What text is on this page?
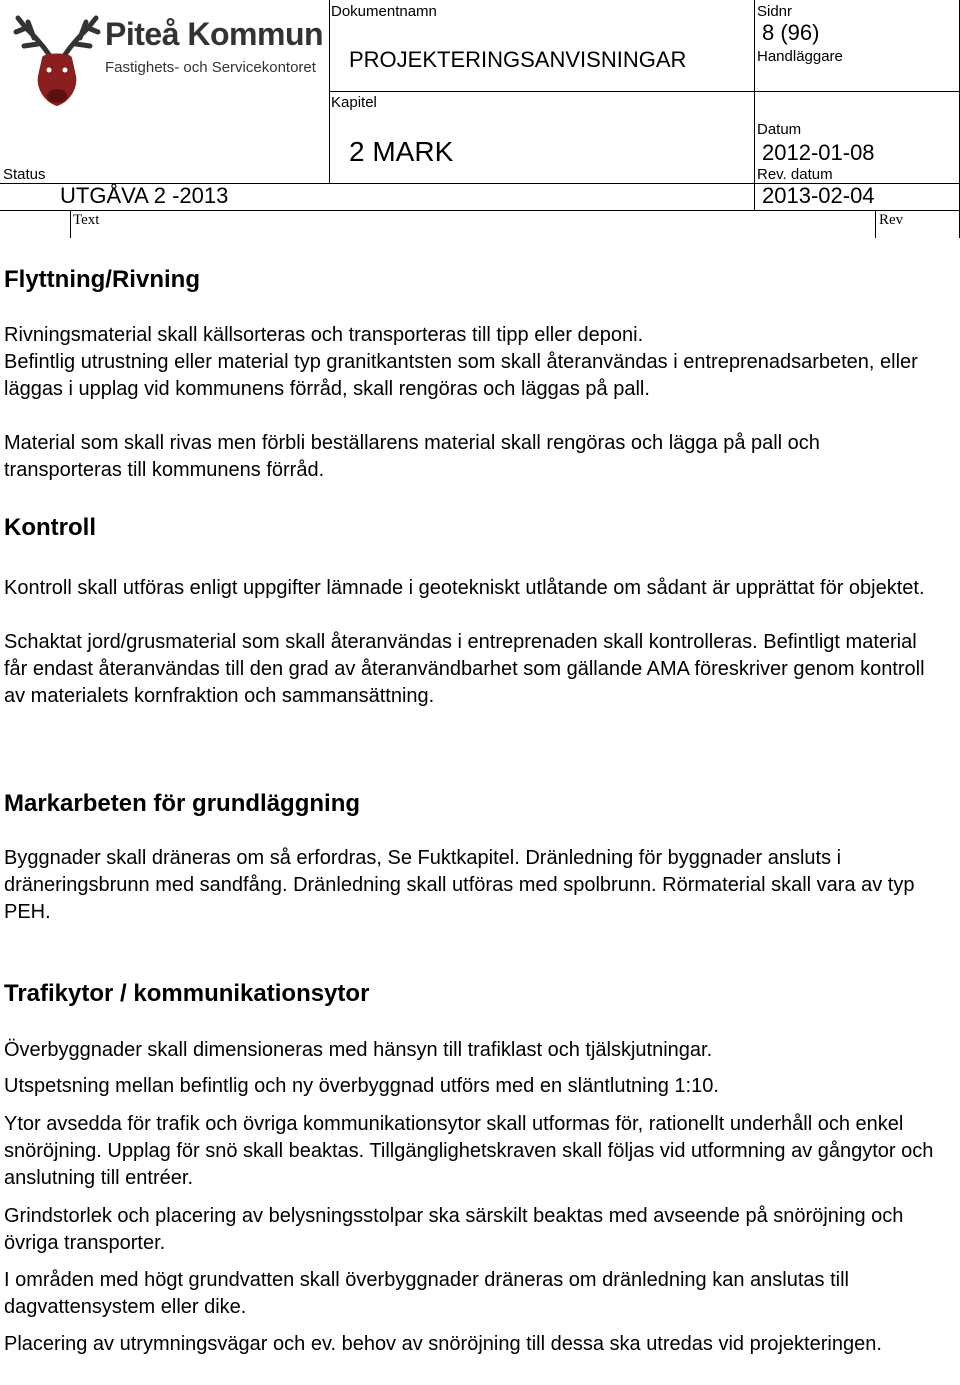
Piteå Kommun
Fastighets- och Servicekontoret
Dokumentnamn
PROJEKTERINGSANVISNINGAR
Kapitel
2 MARK
Sidnr
8 (96)
Handläggare
Datum
2012-01-08
Status
UTGÅVA 2 -2013
Rev. datum
2013-02-04
Text	Rev
Flyttning/Rivning

Rivningsmaterial skall källsorteras och transporteras till tipp eller deponi.

Befintlig utrustning eller material typ granitkantsten som skall återanvändas i entreprenadsarbeten, eller läggas i upplag vid kommunens förråd, skall rengöras och läggas på pall.

Material som skall rivas men förbli beställarens material skall rengöras och lägga på pall och transporteras till kommunens förråd.

Kontroll

Kontroll skall utföras enligt uppgifter lämnade i geotekniskt utlåtande om sådant är upprättat för objektet.

Schaktat jord/grusmaterial som skall återanvändas i entreprenaden skall kontrolleras. Befintligt material får endast återanvändas till den grad av återanvändbarhet som gällande AMA föreskriver genom kontroll av materialets kornfraktion och sammansättning.

Markarbeten för grundläggning

Byggnader skall dräneras om så erfordras, Se Fuktkapitel. Dränledning för byggnader ansluts i dräneringsbrunn med sandfång. Dränledning skall utföras med spolbrunn. Rörmaterial skall vara av typ PEH.

Trafikytor / kommunikationsytor

Överbyggnader skall dimensioneras med hänsyn till trafiklast och tjälskjutningar.

Utspetsning mellan befintlig och ny överbyggnad utförs med en släntlutning 1:10.

Ytor avsedda för trafik och övriga kommunikationsytor skall utformas för, rationellt underhåll och enkel snöröjning. Upplag för snö skall beaktas. Tillgänglighetskraven skall följas vid utformning av gångytor och anslutning till entréer.

Grindstorlek och placering av belysningsstolpar ska särskilt beaktas med avseende på snöröjning och övriga transporter.

I områden med högt grundvatten skall överbyggnader dräneras om dränledning kan anslutas till dagvattensystem eller dike.

Placering av utrymningsvägar och ev. behov av snöröjning till dessa ska utredas vid projekteringen.
